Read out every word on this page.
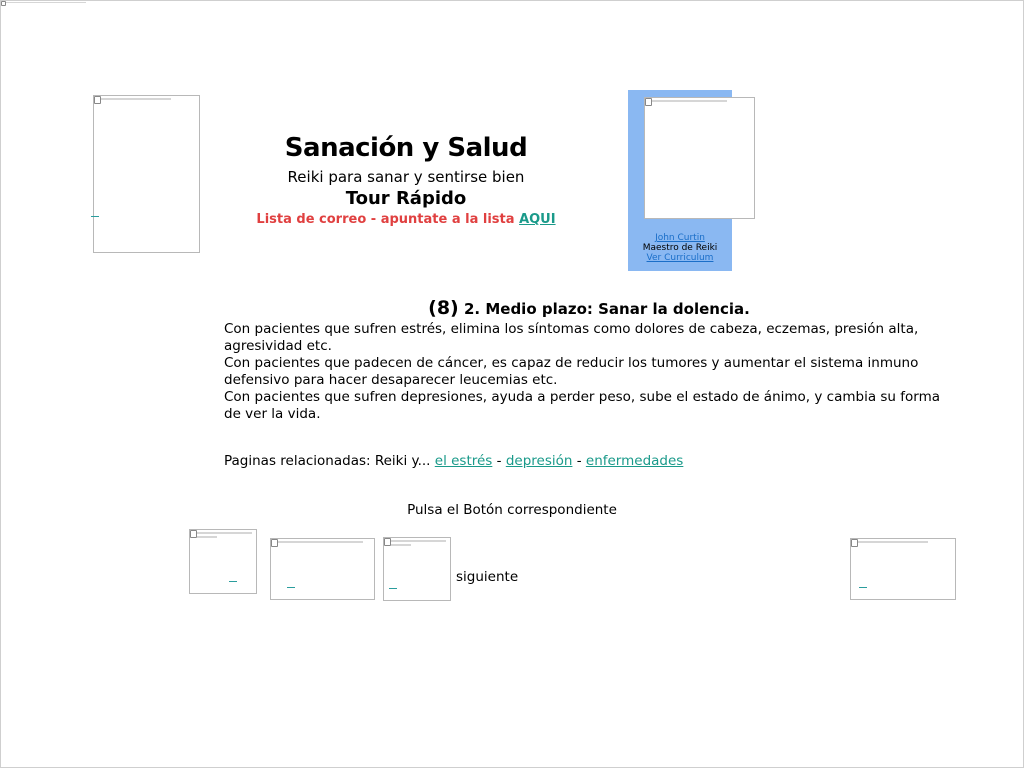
Sanación y Salud
Reiki para sanar y sentirse bien
Tour Rápido
Lista de correo - apuntate a la lista AQUI
John Curtin
Maestro de Reiki
Ver Curriculum
(8) 2. Medio plazo: Sanar la dolencia.

Con pacientes que sufren estrés, elimina los síntomas como dolores de cabeza, eczemas, presión alta, agresividad etc.

Con pacientes que padecen de cáncer, es capaz de reducir los tumores y aumentar el sistema inmuno defensivo para hacer desaparecer leucemias etc.

Con pacientes que sufren depresiones, ayuda a perder peso, sube el estado de ánimo, y cambia su forma de ver la vida.

Paginas relacionadas: Reiki y... el estrés - depresión - enfermedades
Pulsa el Botón correspondiente
siguiente
